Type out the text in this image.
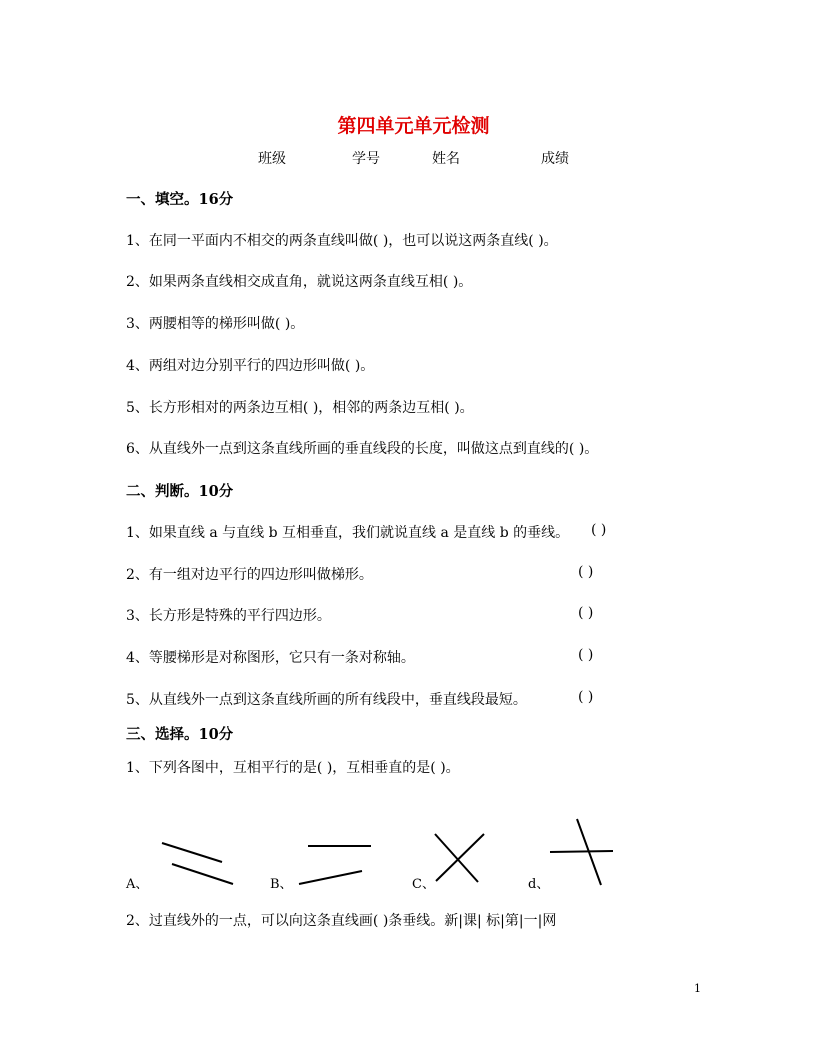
第四单元单元检测
班级	学号	姓名	成绩
一、填空。16分
1、在同一平面内不相交的两条直线叫做( )，也可以说这两条直线( )。
2、如果两条直线相交成直角，就说这两条直线互相( )。
3、两腰相等的梯形叫做( )。
4、两组对边分别平行的四边形叫做( )。
5、长方形相对的两条边互相( )，相邻的两条边互相( )。
6、从直线外一点到这条直线所画的垂直线段的长度，叫做这点到直线的( )。
二、判断。10分
1、如果直线 a 与直线 b 互相垂直，我们就说直线 a 是直线 b 的垂线。 ( )
2、有一组对边平行的四边形叫做梯形。	( )
3、长方形是特殊的平行四边形。	( )
4、等腰梯形是对称图形，它只有一条对称轴。	( )
5、从直线外一点到这条直线所画的所有线段中，垂直线段最短。	( )
三、选择。10分
1、下列各图中，互相平行的是( )，互相垂直的是( )。
A、	B、	C、	d、
2、过直线外的一点，可以向这条直线画( )条垂线。新|课| 标|第|一|网
1
